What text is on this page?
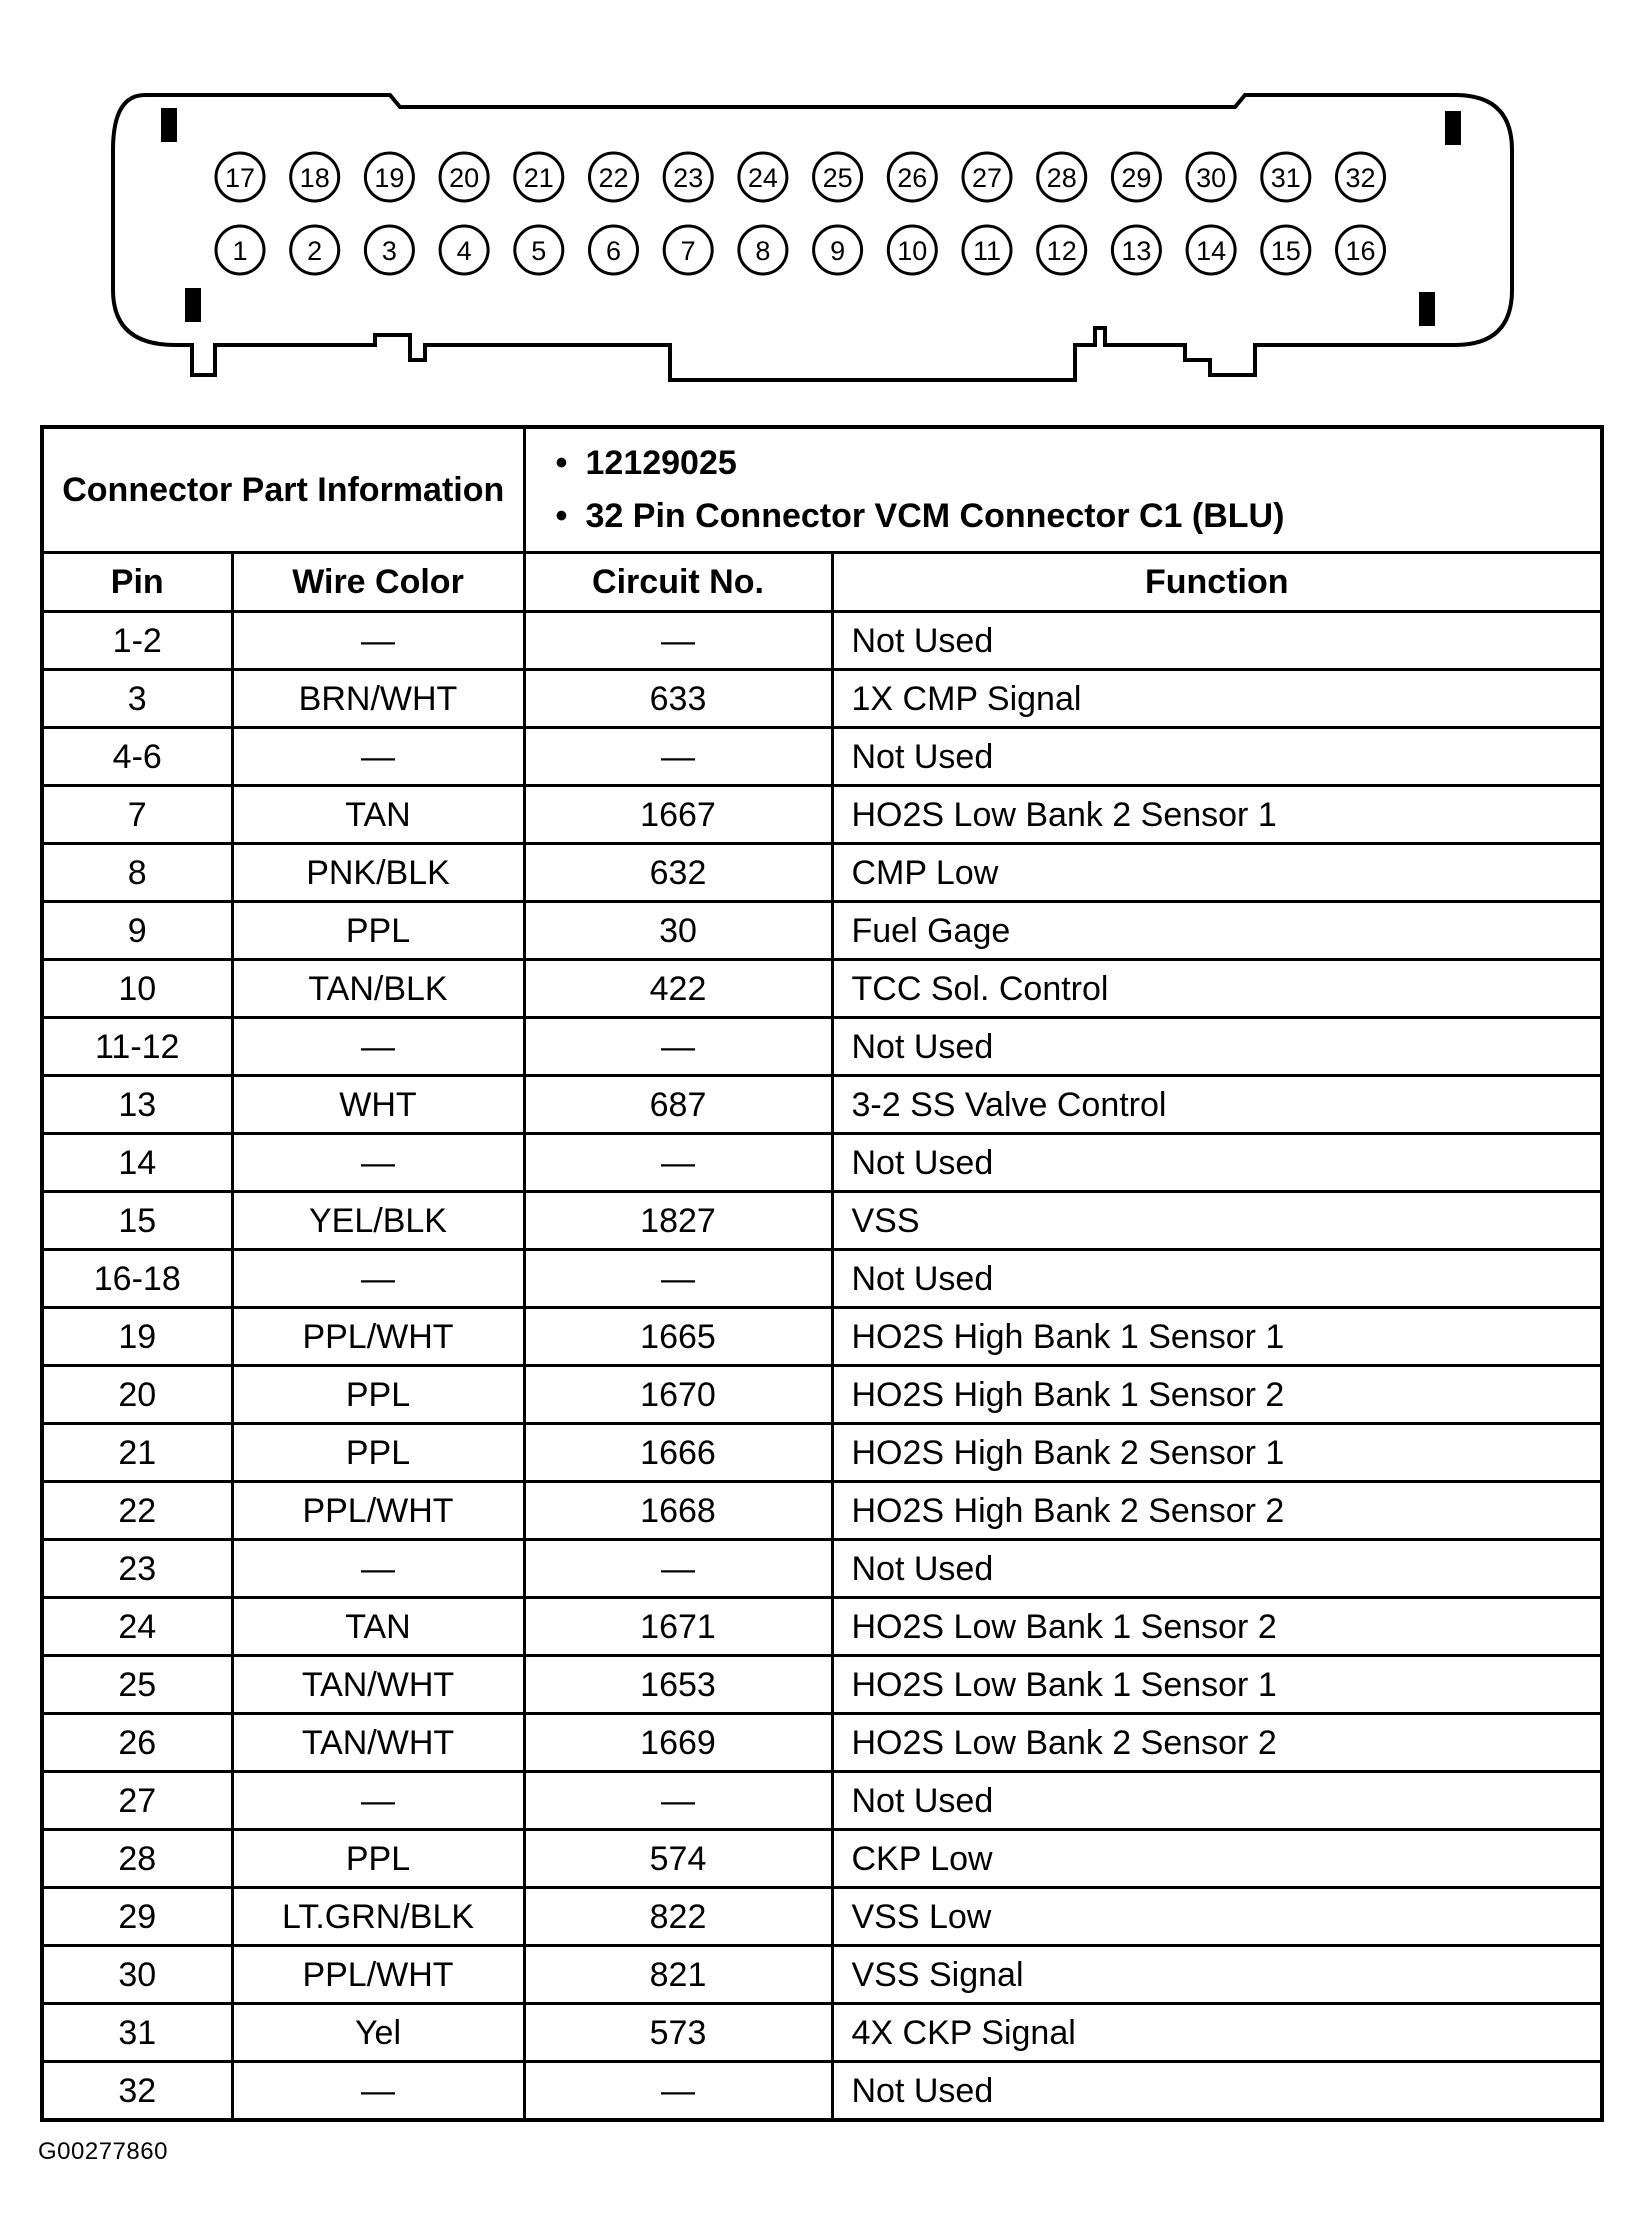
17 18 19 20 21 22 23 24 25 26 27 28 29 30 31 32
1 2 3 4 5 6 7 8 9 10 11 12 13 14 15 16
Connector Part Information		• 12129025
• 32 Pin Connector VCM Connector C1 (BLU)

Pin	Wire Color	Circuit No.	Function
1-2	—	—	Not Used
3	BRN/WHT	633	1X CMP Signal
4-6	—	—	Not Used
7	TAN	1667	HO2S Low Bank 2 Sensor 1
8	PNK/BLK	632	CMP Low
9	PPL	30	Fuel Gage
10	TAN/BLK	422	TCC Sol. Control
11-12	—	—	Not Used
13	WHT	687	3-2 SS Valve Control
14	—	—	Not Used
15	YEL/BLK	1827	VSS
16-18	—	—	Not Used
19	PPL/WHT	1665	HO2S High Bank 1 Sensor 1
20	PPL	1670	HO2S High Bank 1 Sensor 2
21	PPL	1666	HO2S High Bank 2 Sensor 1
22	PPL/WHT	1668	HO2S High Bank 2 Sensor 2
23	—	—	Not Used
24	TAN	1671	HO2S Low Bank 1 Sensor 2
25	TAN/WHT	1653	HO2S Low Bank 1 Sensor 1
26	TAN/WHT	1669	HO2S Low Bank 2 Sensor 2
27	—	—	Not Used
28	PPL	574	CKP Low
29	LT.GRN/BLK	822	VSS Low
30	PPL/WHT	821	VSS Signal
31	Yel	573	4X CKP Signal
32	—	—	Not Used
G00277860
